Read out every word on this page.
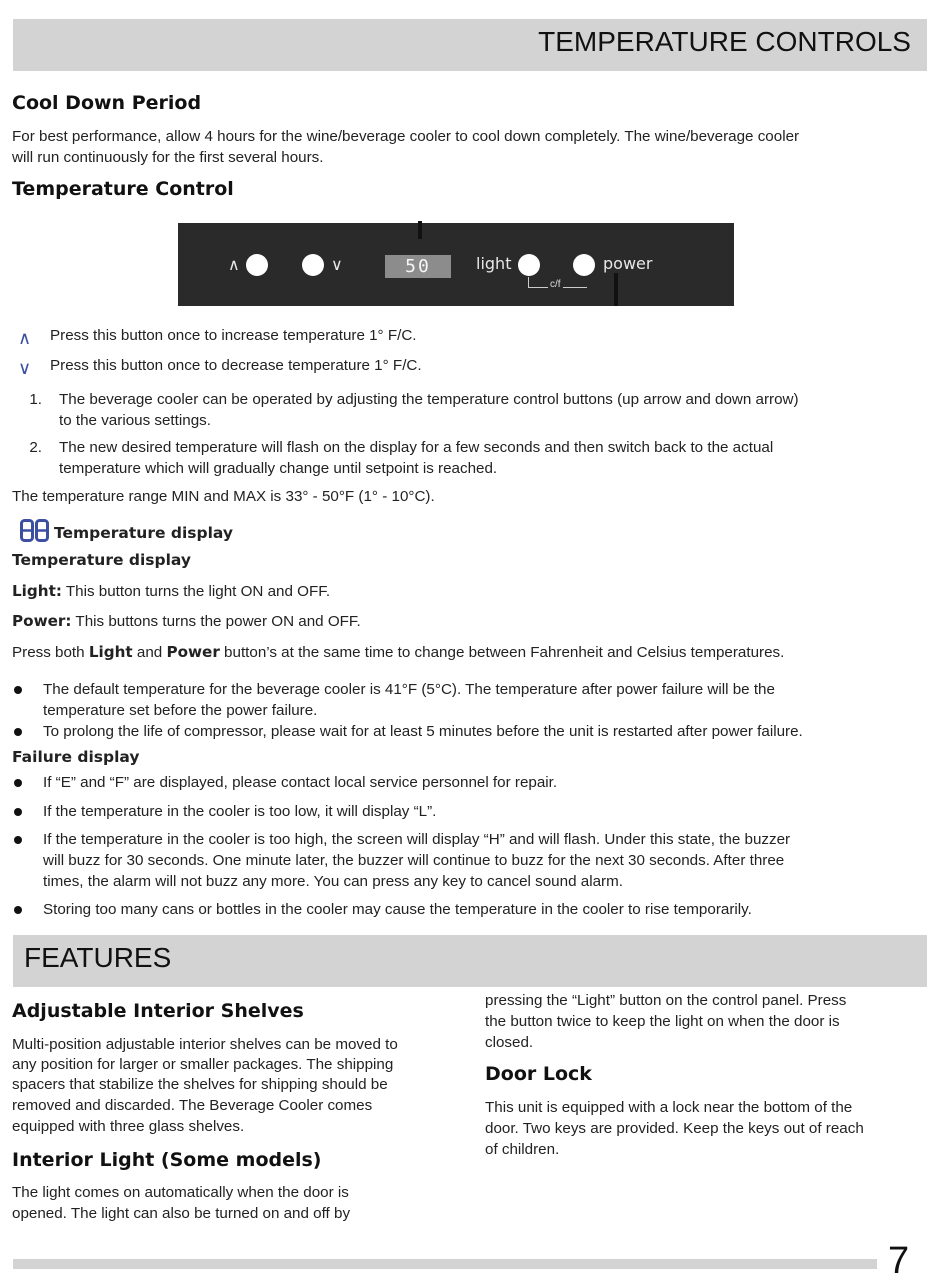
TEMPERATURE CONTROLS
Cool Down Period

For best performance, allow 4 hours for the wine/beverage cooler to cool down completely. The wine/beverage cooler

will run continuously for the first several hours.

Temperature Control
∧	∨	50	light	power
c/f
∧ Press this button once to increase temperature 1° F/C.

∨ Press this button once to decrease temperature 1° F/C.

1. The beverage cooler can be operated by adjusting the temperature control buttons (up arrow and down arrow)

to the various settings.

2. The new desired temperature will flash on the display for a few seconds and then switch back to the actual

temperature which will gradually change until setpoint is reached.

The temperature range MIN and MAX is 33° - 50°F (1° - 10°C).

Temperature display

Temperature display

Light: This button turns the light ON and OFF.

Power: This buttons turns the power ON and OFF.

Press both Light and Power button’s at the same time to change between Fahrenheit and Celsius temperatures.

The default temperature for the beverage cooler is 41°F (5°C). The temperature after power failure will be the

temperature set before the power failure.

To prolong the life of compressor, please wait for at least 5 minutes before the unit is restarted after power failure.

Failure display

If “E” and “F” are displayed, please contact local service personnel for repair.

If the temperature in the cooler is too low, it will display “L”.

If the temperature in the cooler is too high, the screen will display “H” and will flash. Under this state, the buzzer

will buzz for 30 seconds. One minute later, the buzzer will continue to buzz for the next 30 seconds. After three

times, the alarm will not buzz any more. You can press any key to cancel sound alarm.

Storing too many cans or bottles in the cooler may cause the temperature in the cooler to rise temporarily.

FEATURES
Adjustable Interior Shelves

Multi-position adjustable interior shelves can be moved to

any position for larger or smaller packages. The shipping

spacers that stabilize the shelves for shipping should be

removed and discarded. The Beverage Cooler comes

equipped with three glass shelves.

Interior Light (Some models)

The light comes on automatically when the door is

opened. The light can also be turned on and off by

pressing the “Light” button on the control panel. Press

the button twice to keep the light on when the door is

closed.

Door Lock

This unit is equipped with a lock near the bottom of the

door. Two keys are provided. Keep the keys out of reach

of children.

7
